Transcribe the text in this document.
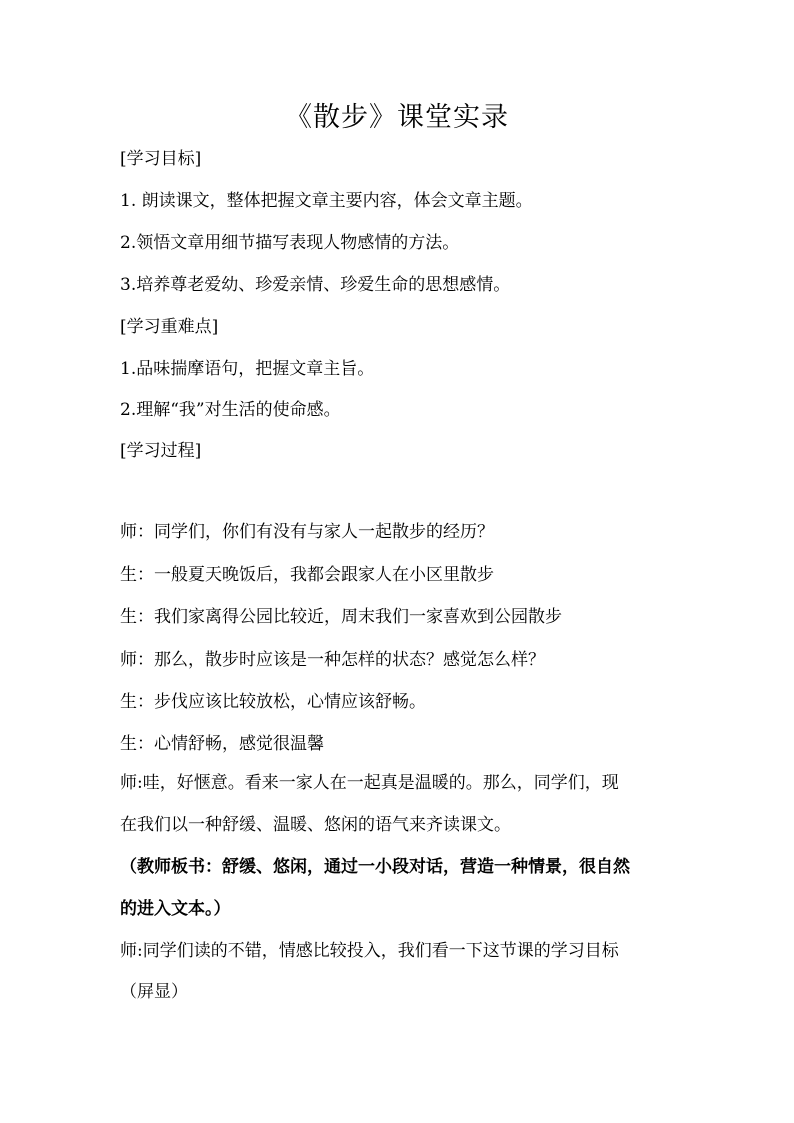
《散步》课堂实录
[学习目标]
1. 朗读课文，整体把握文章主要内容，体会文章主题。
2.领悟文章用细节描写表现人物感情的方法。
3.培养尊老爱幼、珍爱亲情、珍爱生命的思想感情。
[学习重难点]
1.品味揣摩语句，把握文章主旨。
2.理解“我”对生活的使命感。
[学习过程]
师：同学们，你们有没有与家人一起散步的经历？
生：一般夏天晚饭后，我都会跟家人在小区里散步
生：我们家离得公园比较近，周末我们一家喜欢到公园散步
师：那么，散步时应该是一种怎样的状态？感觉怎么样？
生：步伐应该比较放松，心情应该舒畅。
生：心情舒畅，感觉很温馨
师:哇，好惬意。看来一家人在一起真是温暖的。那么，同学们，现
在我们以一种舒缓、温暖、悠闲的语气来齐读课文。
（教师板书：舒缓、悠闲，通过一小段对话，营造一种情景，很自然
的进入文本。）
师:同学们读的不错，情感比较投入，我们看一下这节课的学习目标
（屏显）
